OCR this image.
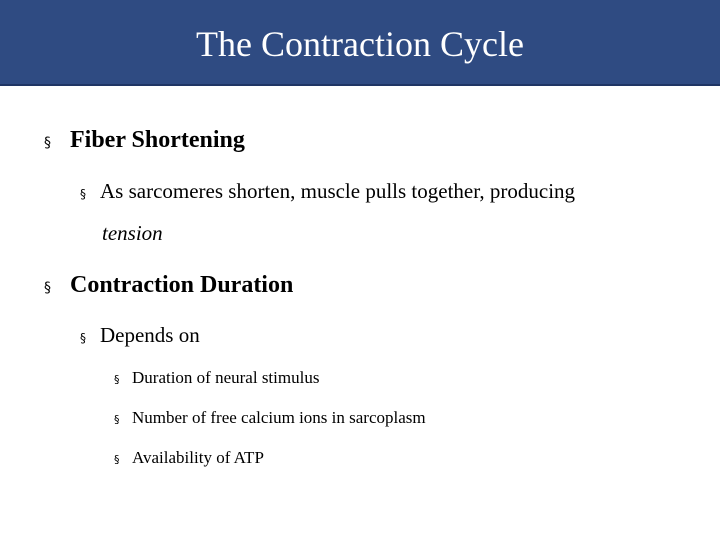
The Contraction Cycle
§ Fiber Shortening
§ As sarcomeres shorten, muscle pulls together, producing
tension
§ Contraction Duration
§ Depends on
§ Duration of neural stimulus
§ Number of free calcium ions in sarcoplasm
§ Availability of ATP
